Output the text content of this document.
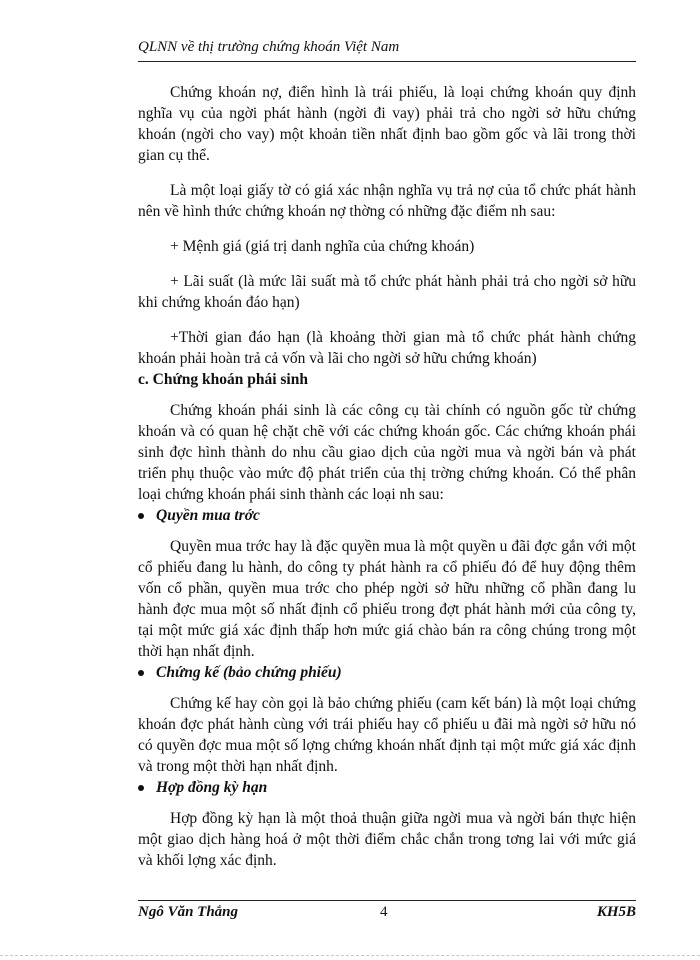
QLNN về thị trường chứng khoán Việt Nam

Chứng khoán nợ, điển hình là trái phiếu, là loại chứng khoán quy định nghĩa vụ của ngời phát hành (ngời đi vay) phải trả cho ngời sở hữu chứng khoán (ngời cho vay) một khoản tiền nhất định bao gồm gốc và lãi trong thời gian cụ thể.

Là một loại giấy tờ có giá xác nhận nghĩa vụ trả nợ của tổ chức phát hành nên về hình thức chứng khoán nợ thờng có những đặc điểm nh sau:

+ Mệnh giá (giá trị danh nghĩa của chứng khoán)

+ Lãi suất (là mức lãi suất mà tổ chức phát hành phải trả cho ngời sở hữu khi chứng khoán đáo hạn)

+Thời gian đáo hạn (là khoảng thời gian mà tổ chức phát hành chứng khoán phải hoàn trả cả vốn và lãi cho ngời sở hữu chứng khoán)

c. Chứng khoán phái sinh

Chứng khoán phái sinh là các công cụ tài chính có nguồn gốc từ chứng khoán và có quan hệ chặt chẽ với các chứng khoán gốc. Các chứng khoán phái sinh đợc hình thành do nhu cầu giao dịch của ngời mua và ngời bán và phát triển phụ thuộc vào mức độ phát triển của thị trờng chứng khoán. Có thể phân loại chứng khoán phái sinh thành các loại nh sau:

Quyền mua trớc

Quyền mua trớc hay là đặc quyền mua là một quyền u đãi đợc gắn với một cổ phiếu đang lu hành, do công ty phát hành ra cổ phiếu đó để huy động thêm vốn cổ phần, quyền mua trớc cho phép ngời sở hữu những cổ phần đang lu hành đợc mua một số nhất định cổ phiếu trong đợt phát hành mới của công ty, tại một mức giá xác định thấp hơn mức giá chào bán ra công chúng trong một thời hạn nhất định.

Chứng kế (bảo chứng phiếu)

Chứng kế hay còn gọi là bảo chứng phiếu (cam kết bán) là một loại chứng khoán đợc phát hành cùng với trái phiếu hay cổ phiếu u đãi mà ngời sở hữu nó có quyền đợc mua một số lợng chứng khoán nhất định tại một mức giá xác định và trong một thời hạn nhất định.

Hợp đồng kỳ hạn

Hợp đồng kỳ hạn là một thoả thuận giữa ngời mua và ngời bán thực hiện một giao dịch hàng hoá ở một thời điểm chắc chắn trong tơng lai với mức giá và khối lợng xác định.

Ngô Văn Thắng	4	KH5B
